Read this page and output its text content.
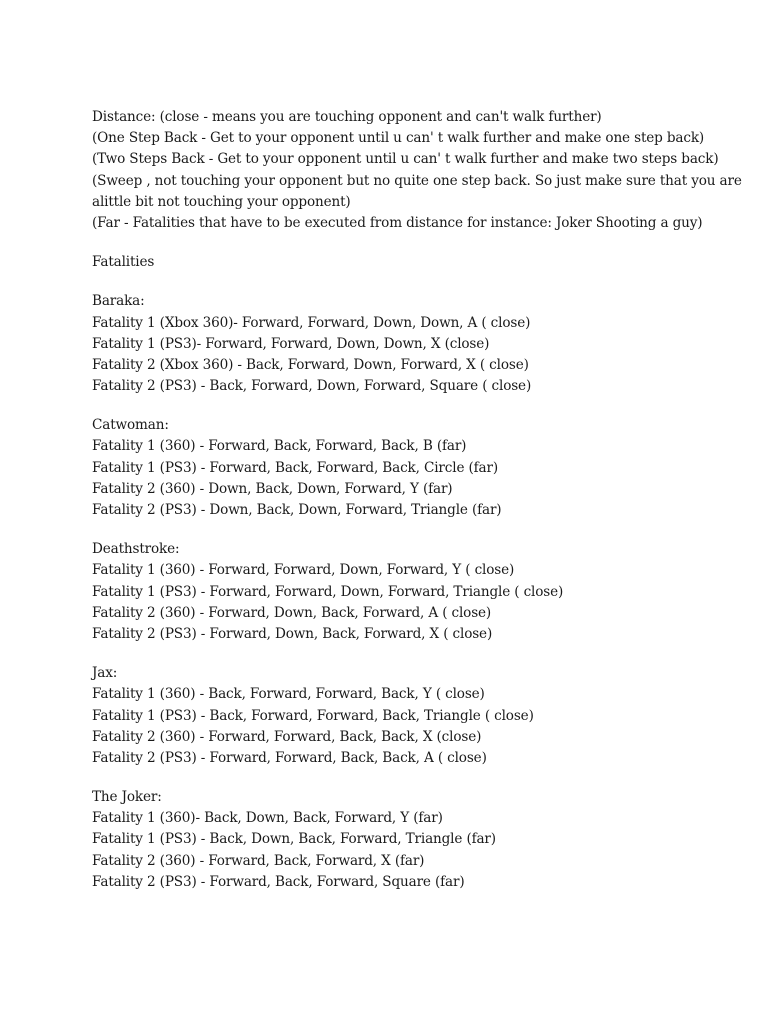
Distance: (close - means you are touching opponent and can't walk further)
(One Step Back - Get to your opponent until u can' t walk further and make one step back)
(Two Steps Back - Get to your opponent until u can' t walk further and make two steps back)
(Sweep , not touching your opponent but no quite one step back. So just make sure that you are
alittle bit not touching your opponent)
(Far - Fatalities that have to be executed from distance for instance: Joker Shooting a guy)
Fatalities
Baraka:
Fatality 1 (Xbox 360)- Forward, Forward, Down, Down, A ( close)
Fatality 1 (PS3)- Forward, Forward, Down, Down, X (close)
Fatality 2 (Xbox 360) - Back, Forward, Down, Forward, X ( close)
Fatality 2 (PS3) - Back, Forward, Down, Forward, Square ( close)
Catwoman:
Fatality 1 (360) - Forward, Back, Forward, Back, B (far)
Fatality 1 (PS3) - Forward, Back, Forward, Back, Circle (far)
Fatality 2 (360) - Down, Back, Down, Forward, Y (far)
Fatality 2 (PS3) - Down, Back, Down, Forward, Triangle (far)
Deathstroke:
Fatality 1 (360) - Forward, Forward, Down, Forward, Y ( close)
Fatality 1 (PS3) - Forward, Forward, Down, Forward, Triangle ( close)
Fatality 2 (360) - Forward, Down, Back, Forward, A ( close)
Fatality 2 (PS3) - Forward, Down, Back, Forward, X ( close)
Jax:
Fatality 1 (360) - Back, Forward, Forward, Back, Y ( close)
Fatality 1 (PS3) - Back, Forward, Forward, Back, Triangle ( close)
Fatality 2 (360) - Forward, Forward, Back, Back, X (close)
Fatality 2 (PS3) - Forward, Forward, Back, Back, A ( close)
The Joker:
Fatality 1 (360)- Back, Down, Back, Forward, Y (far)
Fatality 1 (PS3) - Back, Down, Back, Forward, Triangle (far)
Fatality 2 (360) - Forward, Back, Forward, X (far)
Fatality 2 (PS3) - Forward, Back, Forward, Square (far)
